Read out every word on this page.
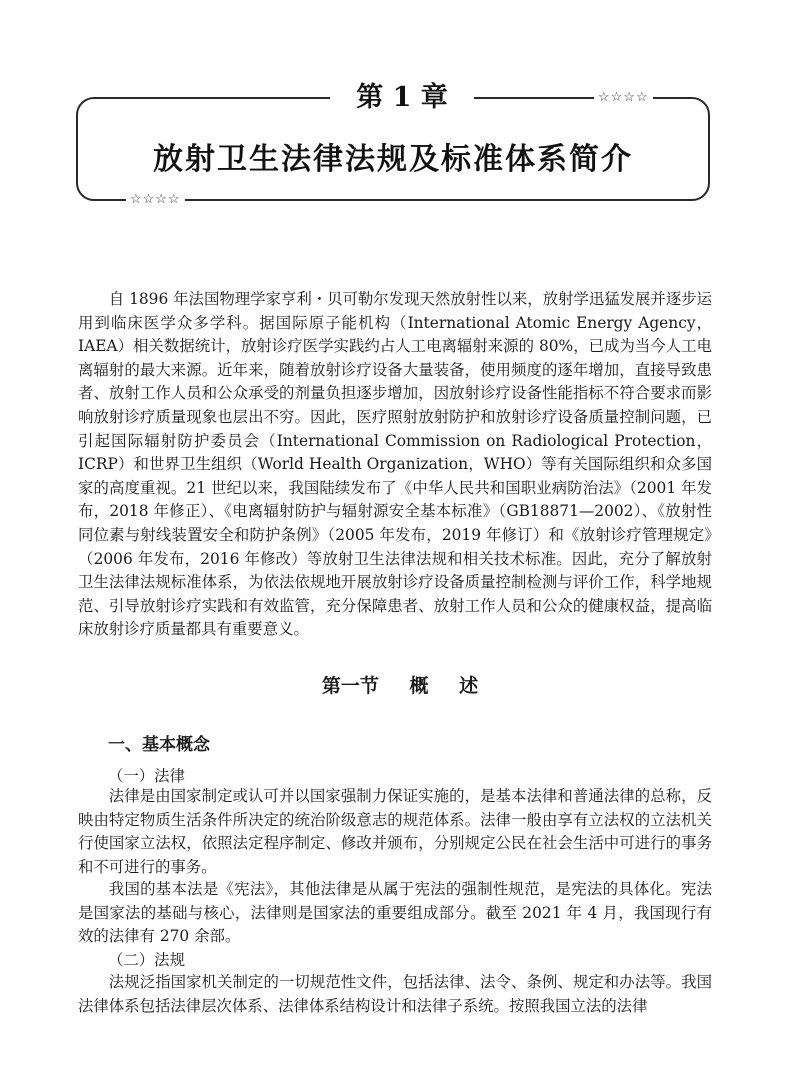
第 1 章	☆☆☆☆
☆☆☆☆
放射卫生法律法规及标准体系简介

自 1896 年法国物理学家亨利・贝可勒尔发现天然放射性以来，放射学迅猛发展并逐步运用到临床医学众多学科。据国际原子能机构（International Atomic Energy Agency，IAEA）相关数据统计，放射诊疗医学实践约占人工电离辐射来源的 80%，已成为当今人工电离辐射的最大来源。近年来，随着放射诊疗设备大量装备，使用频度的逐年增加，直接导致患者、放射工作人员和公众承受的剂量负担逐步增加，因放射诊疗设备性能指标不符合要求而影响放射诊疗质量现象也层出不穷。因此，医疗照射放射防护和放射诊疗设备质量控制问题，已引起国际辐射防护委员会（International Commission on Radiological Protection，ICRP）和世界卫生组织（World Health Organization，WHO）等有关国际组织和众多国家的高度重视。21 世纪以来，我国陆续发布了《中华人民共和国职业病防治法》（2001 年发布，2018 年修正）、《电离辐射防护与辐射源安全基本标准》（GB18871—2002）、《放射性同位素与射线装置安全和防护条例》（2005 年发布，2019 年修订）和《放射诊疗管理规定》（2006 年发布，2016 年修改）等放射卫生法律法规和相关技术标准。因此，充分了解放射卫生法律法规标准体系，为依法依规地开展放射诊疗设备质量控制检测与评价工作，科学地规范、引导放射诊疗实践和有效监管，充分保障患者、放射工作人员和公众的健康权益，提高临床放射诊疗质量都具有重要意义。

第一节 概 述
一、基本概念
（一）法律

法律是由国家制定或认可并以国家强制力保证实施的，是基本法律和普通法律的总称，反映由特定物质生活条件所决定的统治阶级意志的规范体系。法律一般由享有立法权的立法机关行使国家立法权，依照法定程序制定、修改并颁布，分别规定公民在社会生活中可进行的事务和不可进行的事务。

我国的基本法是《宪法》，其他法律是从属于宪法的强制性规范，是宪法的具体化。宪法是国家法的基础与核心，法律则是国家法的重要组成部分。截至 2021 年 4 月，我国现行有效的法律有 270 余部。

（二）法规

法规泛指国家机关制定的一切规范性文件，包括法律、法令、条例、规定和办法等。我国法律体系包括法律层次体系、法律体系结构设计和法律子系统。按照我国立法的法律
